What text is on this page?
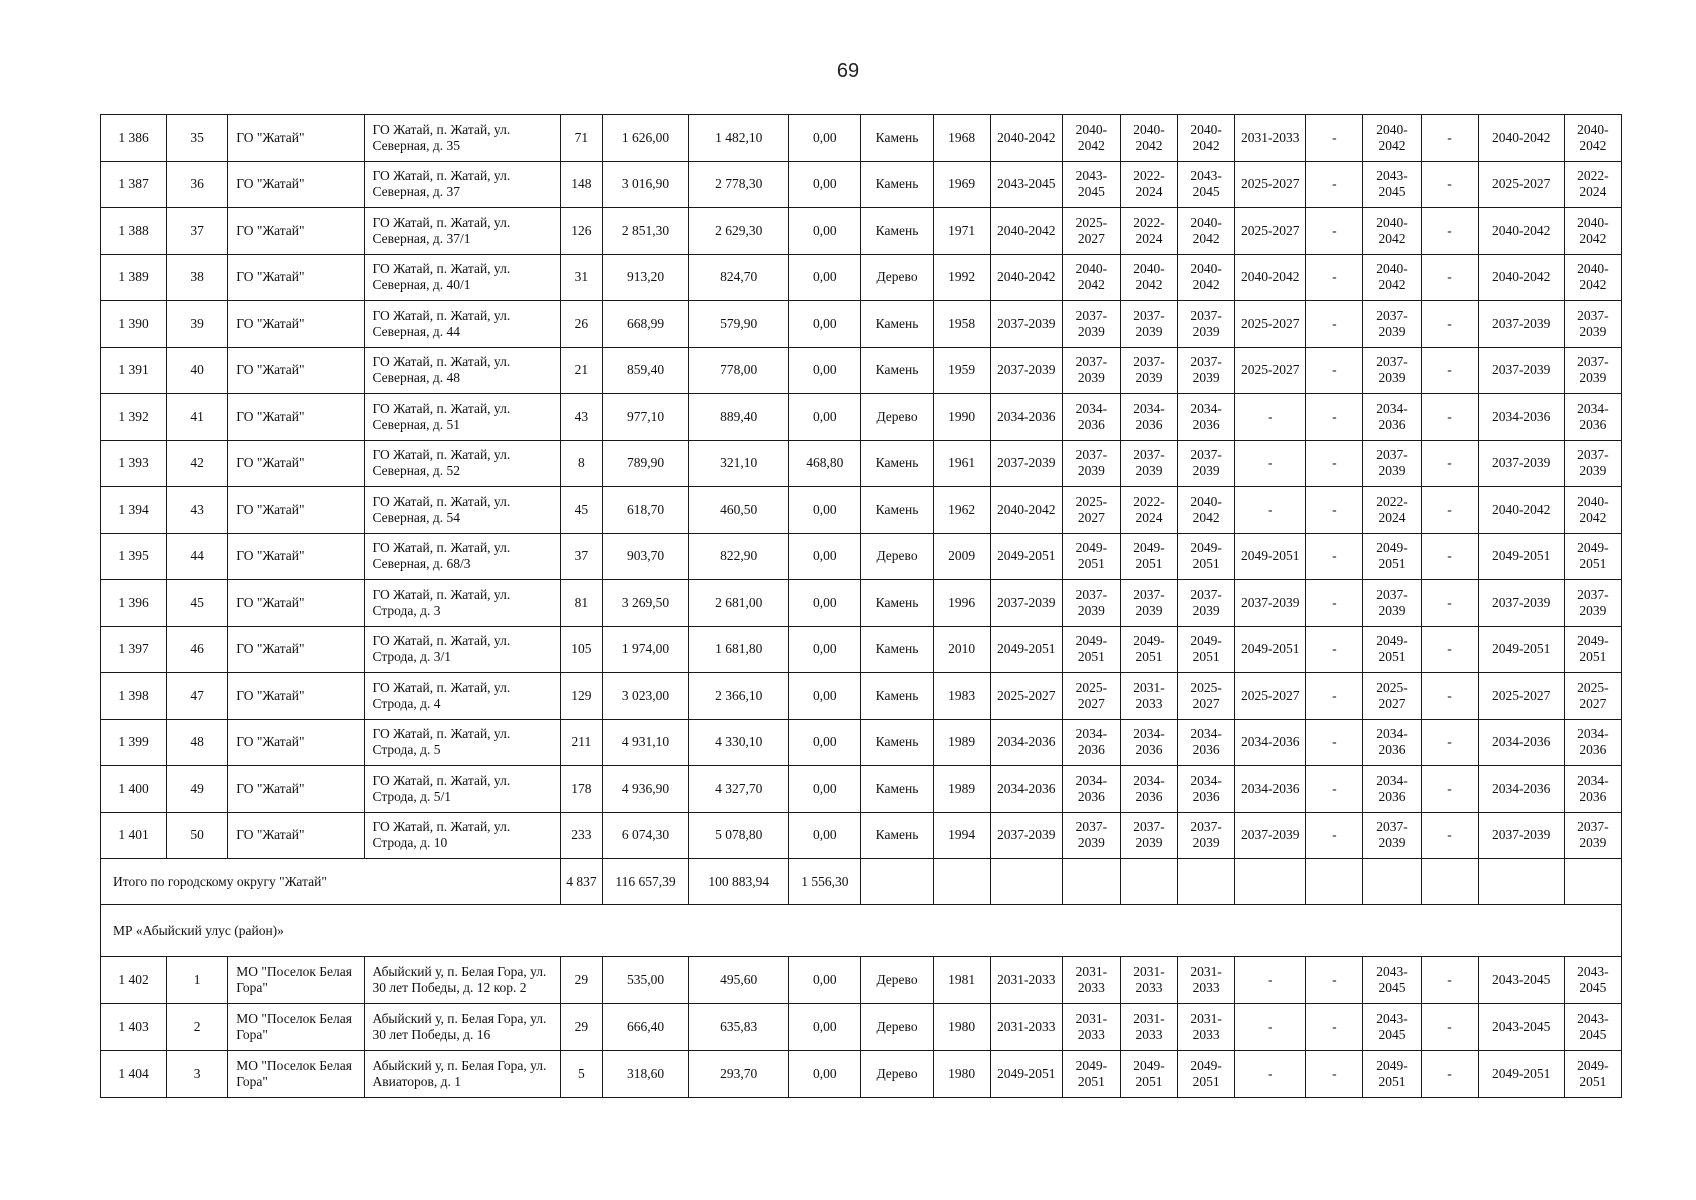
69
1 386	35	ГО "Жатай"	ГО Жатай, п. Жатай, ул. Северная, д. 35	71	1 626,00	1 482,10	0,00	Камень	1968	2040-2042	2040-2042	2040-2042	2040-2042	2031-2033	-	2040-2042	-	2040-2042	2040-2042
1 387	36	ГО "Жатай"	ГО Жатай, п. Жатай, ул. Северная, д. 37	148	3 016,90	2 778,30	0,00	Камень	1969	2043-2045	2043-2045	2022-2024	2043-2045	2025-2027	-	2043-2045	-	2025-2027	2022-2024
1 388	37	ГО "Жатай"	ГО Жатай, п. Жатай, ул. Северная, д. 37/1	126	2 851,30	2 629,30	0,00	Камень	1971	2040-2042	2025-2027	2022-2024	2040-2042	2025-2027	-	2040-2042	-	2040-2042	2040-2042
1 389	38	ГО "Жатай"	ГО Жатай, п. Жатай, ул. Северная, д. 40/1	31	913,20	824,70	0,00	Дерево	1992	2040-2042	2040-2042	2040-2042	2040-2042	2040-2042	-	2040-2042	-	2040-2042	2040-2042
1 390	39	ГО "Жатай"	ГО Жатай, п. Жатай, ул. Северная, д. 44	26	668,99	579,90	0,00	Камень	1958	2037-2039	2037-2039	2037-2039	2037-2039	2025-2027	-	2037-2039	-	2037-2039	2037-2039
1 391	40	ГО "Жатай"	ГО Жатай, п. Жатай, ул. Северная, д. 48	21	859,40	778,00	0,00	Камень	1959	2037-2039	2037-2039	2037-2039	2037-2039	2025-2027	-	2037-2039	-	2037-2039	2037-2039
1 392	41	ГО "Жатай"	ГО Жатай, п. Жатай, ул. Северная, д. 51	43	977,10	889,40	0,00	Дерево	1990	2034-2036	2034-2036	2034-2036	2034-2036	-	-	2034-2036	-	2034-2036	2034-2036
1 393	42	ГО "Жатай"	ГО Жатай, п. Жатай, ул. Северная, д. 52	8	789,90	321,10	468,80	Камень	1961	2037-2039	2037-2039	2037-2039	2037-2039	-	-	2037-2039	-	2037-2039	2037-2039
1 394	43	ГО "Жатай"	ГО Жатай, п. Жатай, ул. Северная, д. 54	45	618,70	460,50	0,00	Камень	1962	2040-2042	2025-2027	2022-2024	2040-2042	-	-	2022-2024	-	2040-2042	2040-2042
1 395	44	ГО "Жатай"	ГО Жатай, п. Жатай, ул. Северная, д. 68/3	37	903,70	822,90	0,00	Дерево	2009	2049-2051	2049-2051	2049-2051	2049-2051	2049-2051	-	2049-2051	-	2049-2051	2049-2051
1 396	45	ГО "Жатай"	ГО Жатай, п. Жатай, ул. Строда, д. 3	81	3 269,50	2 681,00	0,00	Камень	1996	2037-2039	2037-2039	2037-2039	2037-2039	2037-2039	-	2037-2039	-	2037-2039	2037-2039
1 397	46	ГО "Жатай"	ГО Жатай, п. Жатай, ул. Строда, д. 3/1	105	1 974,00	1 681,80	0,00	Камень	2010	2049-2051	2049-2051	2049-2051	2049-2051	2049-2051	-	2049-2051	-	2049-2051	2049-2051
1 398	47	ГО "Жатай"	ГО Жатай, п. Жатай, ул. Строда, д. 4	129	3 023,00	2 366,10	0,00	Камень	1983	2025-2027	2025-2027	2031-2033	2025-2027	2025-2027	-	2025-2027	-	2025-2027	2025-2027
1 399	48	ГО "Жатай"	ГО Жатай, п. Жатай, ул. Строда, д. 5	211	4 931,10	4 330,10	0,00	Камень	1989	2034-2036	2034-2036	2034-2036	2034-2036	2034-2036	-	2034-2036	-	2034-2036	2034-2036
1 400	49	ГО "Жатай"	ГО Жатай, п. Жатай, ул. Строда, д. 5/1	178	4 936,90	4 327,70	0,00	Камень	1989	2034-2036	2034-2036	2034-2036	2034-2036	2034-2036	-	2034-2036	-	2034-2036	2034-2036
1 401	50	ГО "Жатай"	ГО Жатай, п. Жатай, ул. Строда, д. 10	233	6 074,30	5 078,80	0,00	Камень	1994	2037-2039	2037-2039	2037-2039	2037-2039	2037-2039	-	2037-2039	-	2037-2039	2037-2039
Итого по городскому округу "Жатай"				4 837	116 657,39	100 883,94	1 556,30												
МР «Абыйский улус (район)»																			
1 402	1	МО "Поселок Белая Гора"	Абыйский у, п. Белая Гора, ул. 30 лет Победы, д. 12 кор. 2	29	535,00	495,60	0,00	Дерево	1981	2031-2033	2031-2033	2031-2033	2031-2033	-	-	2043-2045	-	2043-2045	2043-2045
1 403	2	МО "Поселок Белая Гора"	Абыйский у, п. Белая Гора, ул. 30 лет Победы, д. 16	29	666,40	635,83	0,00	Дерево	1980	2031-2033	2031-2033	2031-2033	2031-2033	-	-	2043-2045	-	2043-2045	2043-2045
1 404	3	МО "Поселок Белая Гора"	Абыйский у, п. Белая Гора, ул. Авиаторов, д. 1	5	318,60	293,70	0,00	Дерево	1980	2049-2051	2049-2051	2049-2051	2049-2051	-	-	2049-2051	-	2049-2051	2049-2051
